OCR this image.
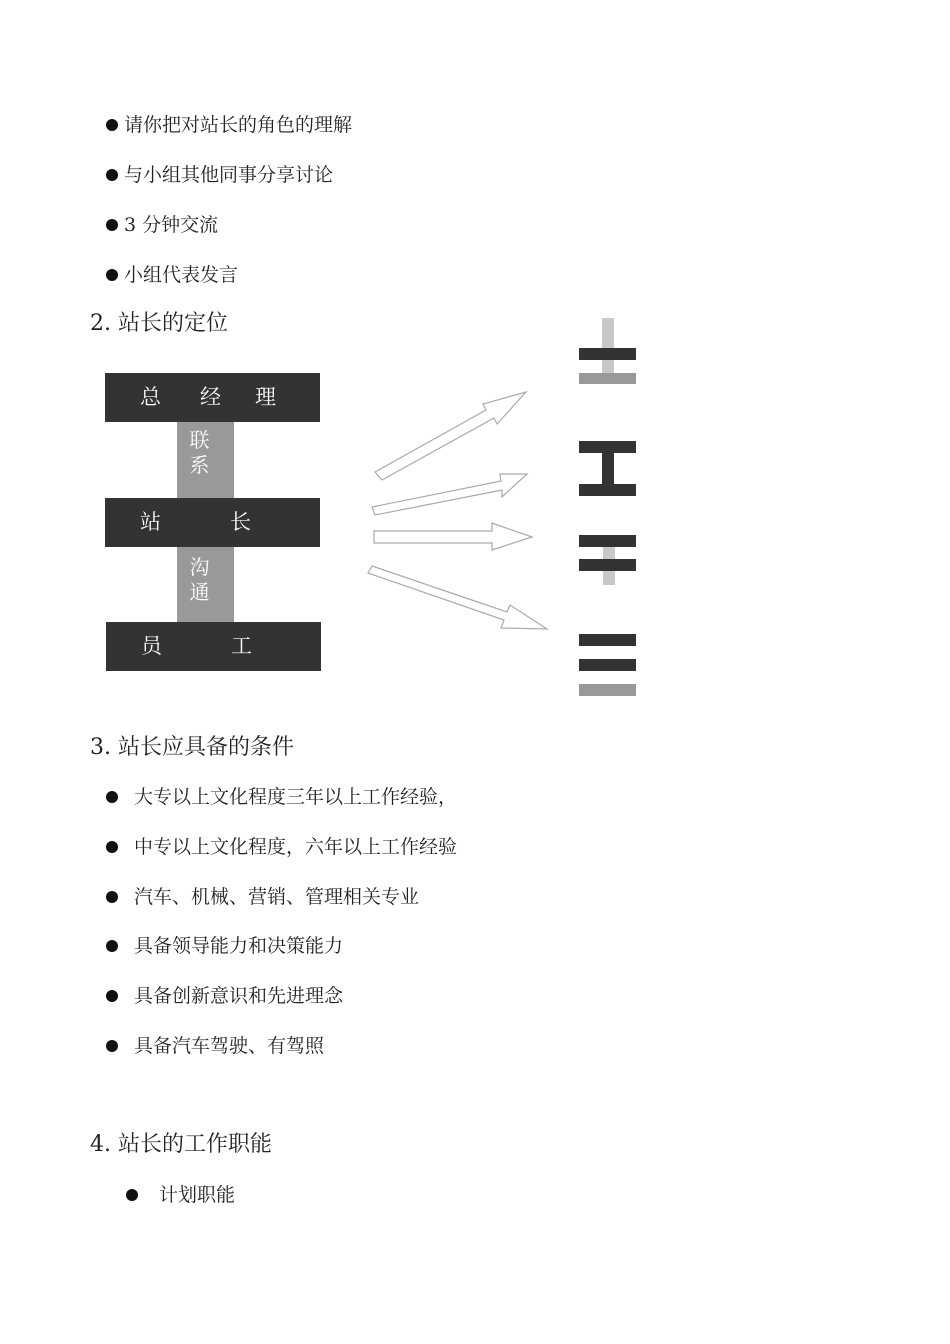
请你把对站长的角色的理解
与小组其他同事分享讨论
3 分钟交流
小组代表发言
2. 站长的定位
总 经 理
联
系
站	长
沟
通
员	工
3. 站长应具备的条件
大专以上文化程度三年以上工作经验，
中专以上文化程度，六年以上工作经验
汽车、机械、营销、管理相关专业
具备领导能力和决策能力
具备创新意识和先进理念
具备汽车驾驶、有驾照
4. 站长的工作职能
计划职能
